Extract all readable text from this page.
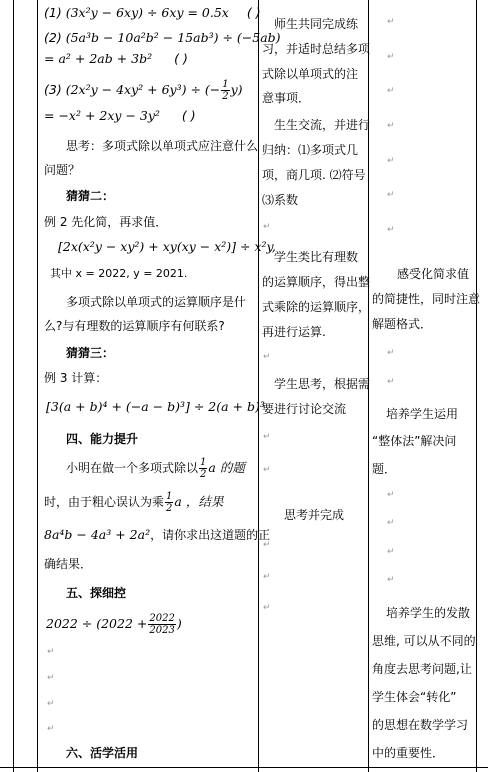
(1) (3x²y − 6xy) ÷ 6xy = 0.5x ( )
(2) (5a³b − 10a²b² − 15ab³) ÷ (−5ab)
= a² + 2ab + 3b² ( )
(3) (2x²y − 4xy² + 6y³) ÷ (− $\frac{1}{2} y$)
= −x² + 2xy − 3y² ( )
思考：多项式除以单项式应注意什么
问题？
猜猜二：
例 2 先化简，再求值．
[2x(x²y − xy²) + xy(xy − x²)] ÷ x²y,
其中 x = 2022, y = 2021.
多项式除以单项式的运算顺序是什
么?与有理数的运算顺序有何联系?
猜猜三：
例 3 计算：
[3(a + b)⁴ + (−a − b)³] ÷ 2(a + b)³
四、能力提升
小明在做一个多项式除以 $\frac{1}{2}$ a 的题
时，由于粗心误认为乘 $\frac{1}{2}$ a ，结果
8a⁴b − 4a³ + 2a²，请你求出这道题的正
确结果．
五、探细控
$2022 \div (2022 + \frac{2022}{2023}$ )
↵
↵
↵
↵
六、活学活用
师生共同完成练
习，并适时总结多项
式除以单项式的注
意事项．
生生交流，并进行
归纳：⑴多项式几
项，商几项. ⑵符号
⑶系数
↵
学生类比有理数
的运算顺序，得出整
式乘除的运算顺序，
再进行运算.
↵
学生思考，根据需
要进行讨论交流
↵
↵
思考并完成
↵
↵
↵
↵
↵
↵
↵
↵
↵
↵
感受化简求值
的简捷性，同时注意
解题格式．
↵
↵
培养学生运用
“整体法”解决问
题．
↵
↵
↵
↵
培养学生的发散
思维, 可以从不同的
角度去思考问题,让
学生体会“转化”
的思想在数学学习
中的重要性．
